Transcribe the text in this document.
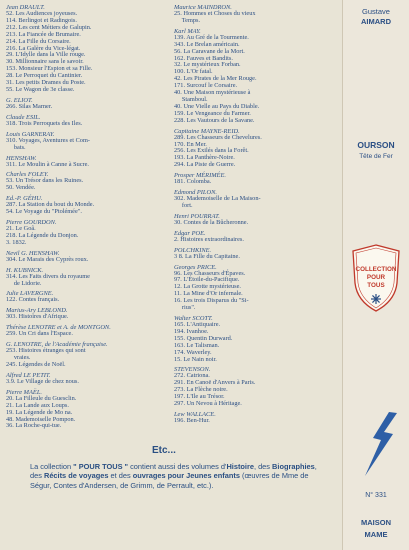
Jean DRAULT.
52. Les Audiences joyeuses.
114. Berlingot et Radingois.
212. Les cent Métiers de Galupin.
213. La Fiancée de Brumaire.
214. La Fille du Corsaire.
216. La Galère du Vice-légat.
29. L'Idylle dans la Ville rouge.
30. Millionnaire sans le savoir.
153. Monsieur l'Espion et sa Fille.
28. Le Perroquet du Cantinier.
31. Les petits Drames du Poste.
55. Le Wagon de 3e classe.
G. ELIOT.
266. Silas Marner.
Claude ESIL.
318. Trois Perroquets des Iles.
Louis GARNERAY.
310. Voyages, Aventures et Com-
bats.
HENSHAW.
311. Le Moulin à Canne à Sucre.
Charles FOLEY.
53. Un Trésor dans les Ruines.
50. Vendée.
Ed.-P. GÉHU.
287. La Station du bout du Monde.
54. Le Voyage du "Ptolémée".
Pierre GOURDON.
21. Le Goâ.
218. La Légende du Donjon.
3. 1832.
Nevil G. HENSHAW.
304. Le Marais des Cyprès roux.
H. KUBNICK.
314. Les Faits divers du royaume
de Lidorie.
Julie LAVERGNE.
122. Contes français.
Marius-Ary LEBLOND.
303. Histoires d'Afrique.
Thérèse LENOTRE et A. de MONTGON.
259. Un Cri dans l'Espace.
G. LENOTRE, de l'Académie française.
253. Histoires étranges qui sont
vraies.
245. Légendes de Noël.
Alfred LE PETIT.
3.9. Le Village de chez nous.
Pierre MAËL.
20. La Filleule du Guesclin.
21. La Lande aux Loups.
19. La Légende de Mo na.
48. Mademoiselle Pompon.
36. La Roche-qui-tue.
Maurice MAINDRON.
25. Hommes et Choses du vieux
Temps.
Karl MAY.
139. Au Gré de la Tourmente.
343. Le Brelan américain.
56. La Caravane de la Mort.
162. Fauves et Bandits.
32. Le mystérieux Forban.
100. L'Or fatal.
42. Les Pirates de la Mer Rouge.
171. Surcouf le Corsaire.
40. Une Maison mystérieuse à
Stamboul.
40. Une Vielle au Pays du Diable.
159. Le Vengeance du Farmer.
228. Les Vautours de la Savane.
Capitaine MAYNE-REID.
289. Les Chasseurs de Chevelures.
170. En Mer.
256. Les Exilés dans la Forêt.
193. La Panthère-Noire.
294. La Piste de Guerre.
Prosper MÉRIMÉE.
181. Colomba.
Edmond PILON.
302. Mademoiselle de La Maison-
fort.
Henri POURRAT.
30. Contes de la Bûcheronne.
Edgar POE.
2. Histoires extraordinaires.
POLCHKINE.
3 8. La Fille du Capitaine.
Georges PRICE.
96. Les Chasseurs d'Épaves.
97. L'Étoile-du-Pacifique.
12. La Grotte mystérieuse.
11. La Mine d'Or infernale.
16. Les trois Disparus du "Si-
rius".
Walter SCOTT.
165. L'Antiquaire.
194. Ivanhoe.
155. Quentin Durward.
163. Le Talisman.
174. Waverley.
15. Le Nain noir.
STEVENSON.
272. Catriona.
291. En Canoë d'Anvers à Paris.
273. La Flèche noire.
197. L'Ile au Trésor.
297. Un Nevou à Héritage.
Lew WALLACE.
196. Ben-Hur.
Etc...
La collection " POUR TOUS " contient aussi des volumes d'Histoire, des Biographies, des Récits de voyages et des ouvrages pour Jeunes enfants (œuvres de Mme de Ségur, Contes d'Andersen, de Grimm, de Perrault, etc.).
Gustave
AIMARD
OURSON
Tête de Fer
COLLECTION
POUR
TOUS
N° 331
MAISON
MAME
